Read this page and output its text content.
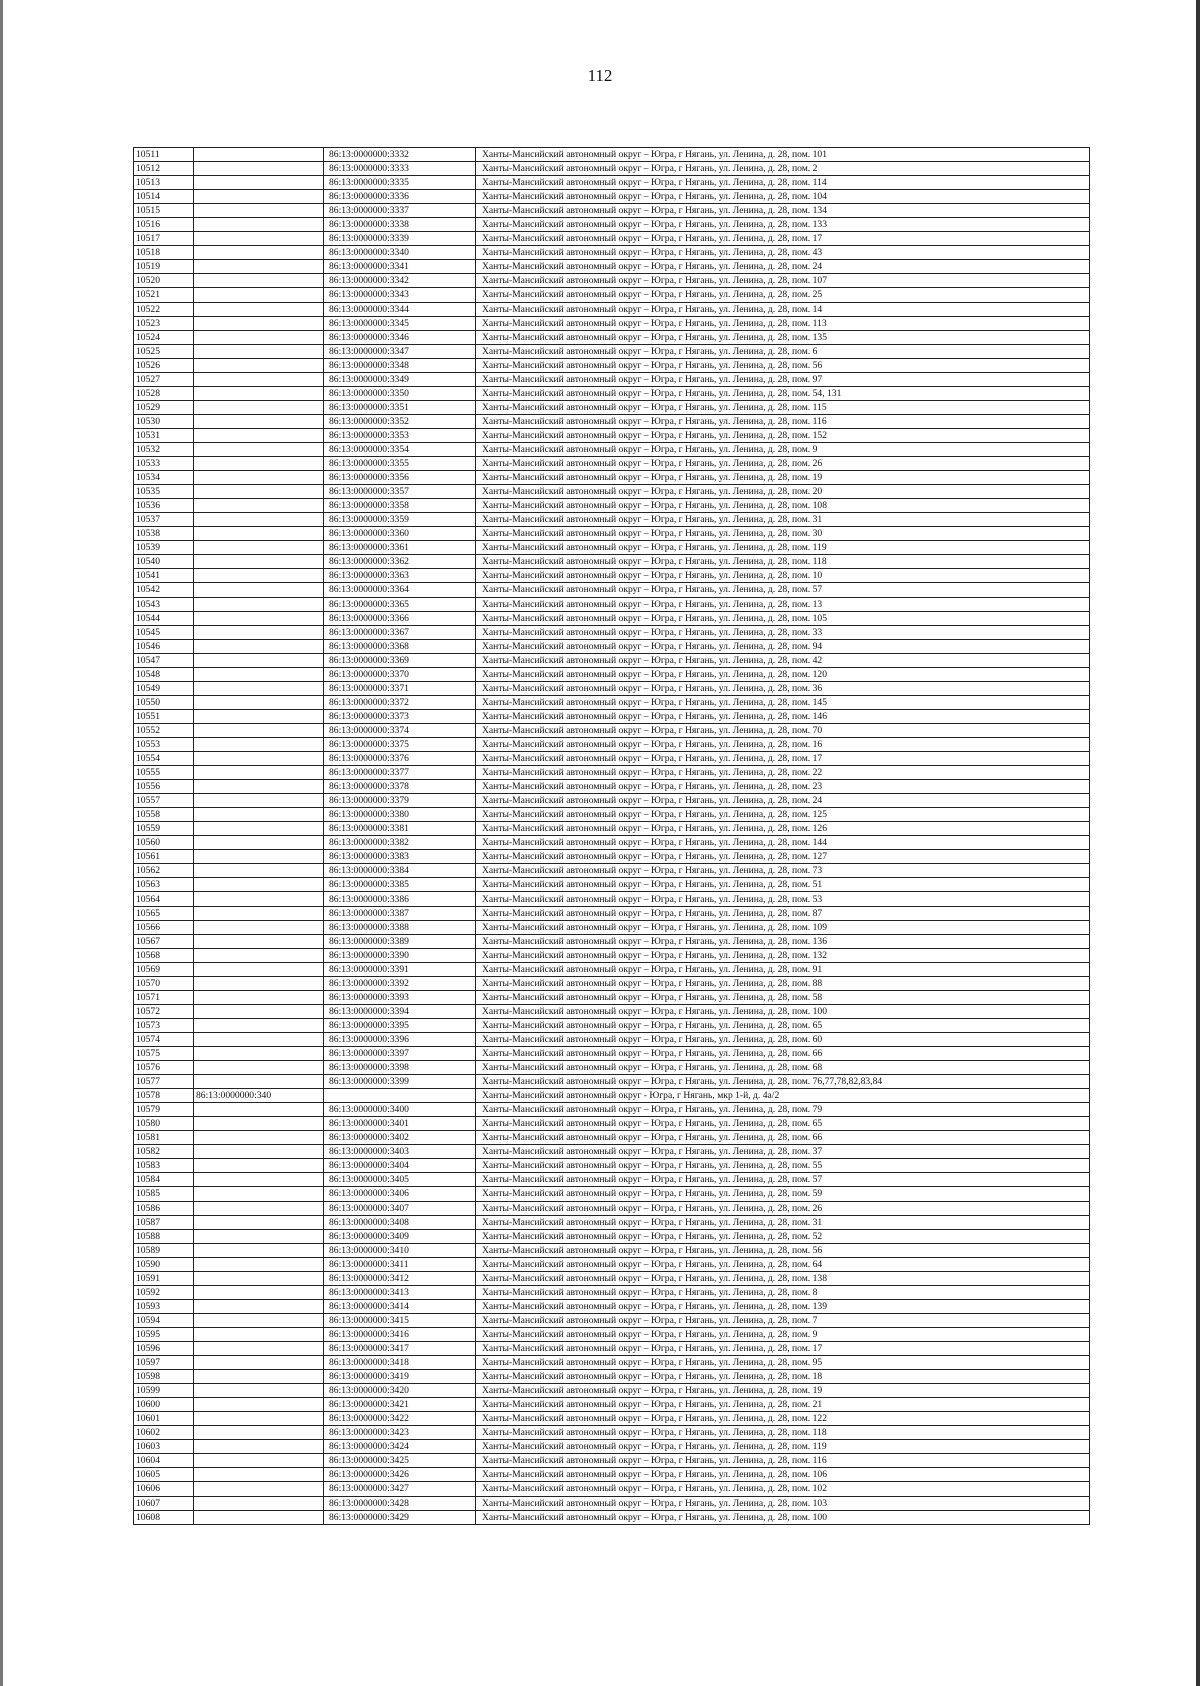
112
10511		86:13:0000000:3332	Ханты-Мансийский автономный округ – Югра, г Нягань, ул. Ленина, д. 28, пом. 101
10512		86:13:0000000:3333	Ханты-Мансийский автономный округ – Югра, г Нягань, ул. Ленина, д. 28, пом. 2
10513		86:13:0000000:3335	Ханты-Мансийский автономный округ – Югра, г Нягань, ул. Ленина, д. 28, пом. 114
10514		86:13:0000000:3336	Ханты-Мансийский автономный округ – Югра, г Нягань, ул. Ленина, д. 28, пом. 104
10515		86:13:0000000:3337	Ханты-Мансийский автономный округ – Югра, г Нягань, ул. Ленина, д. 28, пом. 134
10516		86:13:0000000:3338	Ханты-Мансийский автономный округ – Югра, г Нягань, ул. Ленина, д. 28, пом. 133
10517		86:13:0000000:3339	Ханты-Мансийский автономный округ – Югра, г Нягань, ул. Ленина, д. 28, пом. 17
10518		86:13:0000000:3340	Ханты-Мансийский автономный округ – Югра, г Нягань, ул. Ленина, д. 28, пом. 43
10519		86:13:0000000:3341	Ханты-Мансийский автономный округ – Югра, г Нягань, ул. Ленина, д. 28, пом. 24
10520		86:13:0000000:3342	Ханты-Мансийский автономный округ – Югра, г Нягань, ул. Ленина, д. 28, пом. 107
10521		86:13:0000000:3343	Ханты-Мансийский автономный округ – Югра, г Нягань, ул. Ленина, д. 28, пом. 25
10522		86:13:0000000:3344	Ханты-Мансийский автономный округ – Югра, г Нягань, ул. Ленина, д. 28, пом. 14
10523		86:13:0000000:3345	Ханты-Мансийский автономный округ – Югра, г Нягань, ул. Ленина, д. 28, пом. 113
10524		86:13:0000000:3346	Ханты-Мансийский автономный округ – Югра, г Нягань, ул. Ленина, д. 28, пом. 135
10525		86:13:0000000:3347	Ханты-Мансийский автономный округ – Югра, г Нягань, ул. Ленина, д. 28, пом. 6
10526		86:13:0000000:3348	Ханты-Мансийский автономный округ – Югра, г Нягань, ул. Ленина, д. 28, пом. 56
10527		86:13:0000000:3349	Ханты-Мансийский автономный округ – Югра, г Нягань, ул. Ленина, д. 28, пом. 97
10528		86:13:0000000:3350	Ханты-Мансийский автономный округ – Югра, г Нягань, ул. Ленина, д. 28, пом. 54, 131
10529		86:13:0000000:3351	Ханты-Мансийский автономный округ – Югра, г Нягань, ул. Ленина, д. 28, пом. 115
10530		86:13:0000000:3352	Ханты-Мансийский автономный округ – Югра, г Нягань, ул. Ленина, д. 28, пом. 116
10531		86:13:0000000:3353	Ханты-Мансийский автономный округ – Югра, г Нягань, ул. Ленина, д. 28, пом. 152
10532		86:13:0000000:3354	Ханты-Мансийский автономный округ – Югра, г Нягань, ул. Ленина, д. 28, пом. 9
10533		86:13:0000000:3355	Ханты-Мансийский автономный округ – Югра, г Нягань, ул. Ленина, д. 28, пом. 26
10534		86:13:0000000:3356	Ханты-Мансийский автономный округ – Югра, г Нягань, ул. Ленина, д. 28, пом. 19
10535		86:13:0000000:3357	Ханты-Мансийский автономный округ – Югра, г Нягань, ул. Ленина, д. 28, пом. 20
10536		86:13:0000000:3358	Ханты-Мансийский автономный округ – Югра, г Нягань, ул. Ленина, д. 28, пом. 108
10537		86:13:0000000:3359	Ханты-Мансийский автономный округ – Югра, г Нягань, ул. Ленина, д. 28, пом. 31
10538		86:13:0000000:3360	Ханты-Мансийский автономный округ – Югра, г Нягань, ул. Ленина, д. 28, пом. 30
10539		86:13:0000000:3361	Ханты-Мансийский автономный округ – Югра, г Нягань, ул. Ленина, д. 28, пом. 119
10540		86:13:0000000:3362	Ханты-Мансийский автономный округ – Югра, г Нягань, ул. Ленина, д. 28, пом. 118
10541		86:13:0000000:3363	Ханты-Мансийский автономный округ – Югра, г Нягань, ул. Ленина, д. 28, пом. 10
10542		86:13:0000000:3364	Ханты-Мансийский автономный округ – Югра, г Нягань, ул. Ленина, д. 28, пом. 57
10543		86:13:0000000:3365	Ханты-Мансийский автономный округ – Югра, г Нягань, ул. Ленина, д. 28, пом. 13
10544		86:13:0000000:3366	Ханты-Мансийский автономный округ – Югра, г Нягань, ул. Ленина, д. 28, пом. 105
10545		86:13:0000000:3367	Ханты-Мансийский автономный округ – Югра, г Нягань, ул. Ленина, д. 28, пом. 33
10546		86:13:0000000:3368	Ханты-Мансийский автономный округ – Югра, г Нягань, ул. Ленина, д. 28, пом. 94
10547		86:13:0000000:3369	Ханты-Мансийский автономный округ – Югра, г Нягань, ул. Ленина, д. 28, пом. 42
10548		86:13:0000000:3370	Ханты-Мансийский автономный округ – Югра, г Нягань, ул. Ленина, д. 28, пом. 120
10549		86:13:0000000:3371	Ханты-Мансийский автономный округ – Югра, г Нягань, ул. Ленина, д. 28, пом. 36
10550		86:13:0000000:3372	Ханты-Мансийский автономный округ – Югра, г Нягань, ул. Ленина, д. 28, пом. 145
10551		86:13:0000000:3373	Ханты-Мансийский автономный округ – Югра, г Нягань, ул. Ленина, д. 28, пом. 146
10552		86:13:0000000:3374	Ханты-Мансийский автономный округ – Югра, г Нягань, ул. Ленина, д. 28, пом. 70
10553		86:13:0000000:3375	Ханты-Мансийский автономный округ – Югра, г Нягань, ул. Ленина, д. 28, пом. 16
10554		86:13:0000000:3376	Ханты-Мансийский автономный округ – Югра, г Нягань, ул. Ленина, д. 28, пом. 17
10555		86:13:0000000:3377	Ханты-Мансийский автономный округ – Югра, г Нягань, ул. Ленина, д. 28, пом. 22
10556		86:13:0000000:3378	Ханты-Мансийский автономный округ – Югра, г Нягань, ул. Ленина, д. 28, пом. 23
10557		86:13:0000000:3379	Ханты-Мансийский автономный округ – Югра, г Нягань, ул. Ленина, д. 28, пом. 24
10558		86:13:0000000:3380	Ханты-Мансийский автономный округ – Югра, г Нягань, ул. Ленина, д. 28, пом. 125
10559		86:13:0000000:3381	Ханты-Мансийский автономный округ – Югра, г Нягань, ул. Ленина, д. 28, пом. 126
10560		86:13:0000000:3382	Ханты-Мансийский автономный округ – Югра, г Нягань, ул. Ленина, д. 28, пом. 144
10561		86:13:0000000:3383	Ханты-Мансийский автономный округ – Югра, г Нягань, ул. Ленина, д. 28, пом. 127
10562		86:13:0000000:3384	Ханты-Мансийский автономный округ – Югра, г Нягань, ул. Ленина, д. 28, пом. 73
10563		86:13:0000000:3385	Ханты-Мансийский автономный округ – Югра, г Нягань, ул. Ленина, д. 28, пом. 51
10564		86:13:0000000:3386	Ханты-Мансийский автономный округ – Югра, г Нягань, ул. Ленина, д. 28, пом. 53
10565		86:13:0000000:3387	Ханты-Мансийский автономный округ – Югра, г Нягань, ул. Ленина, д. 28, пом. 87
10566		86:13:0000000:3388	Ханты-Мансийский автономный округ – Югра, г Нягань, ул. Ленина, д. 28, пом. 109
10567		86:13:0000000:3389	Ханты-Мансийский автономный округ – Югра, г Нягань, ул. Ленина, д. 28, пом. 136
10568		86:13:0000000:3390	Ханты-Мансийский автономный округ – Югра, г Нягань, ул. Ленина, д. 28, пом. 132
10569		86:13:0000000:3391	Ханты-Мансийский автономный округ – Югра, г Нягань, ул. Ленина, д. 28, пом. 91
10570		86:13:0000000:3392	Ханты-Мансийский автономный округ – Югра, г Нягань, ул. Ленина, д. 28, пом. 88
10571		86:13:0000000:3393	Ханты-Мансийский автономный округ – Югра, г Нягань, ул. Ленина, д. 28, пом. 58
10572		86:13:0000000:3394	Ханты-Мансийский автономный округ – Югра, г Нягань, ул. Ленина, д. 28, пом. 100
10573		86:13:0000000:3395	Ханты-Мансийский автономный округ – Югра, г Нягань, ул. Ленина, д. 28, пом. 65
10574		86:13:0000000:3396	Ханты-Мансийский автономный округ – Югра, г Нягань, ул. Ленина, д. 28, пом. 60
10575		86:13:0000000:3397	Ханты-Мансийский автономный округ – Югра, г Нягань, ул. Ленина, д. 28, пом. 66
10576		86:13:0000000:3398	Ханты-Мансийский автономный округ – Югра, г Нягань, ул. Ленина, д. 28, пом. 68
10577		86:13:0000000:3399	Ханты-Мансийский автономный округ – Югра, г Нягань, ул. Ленина, д. 28, пом. 76,77,78,82,83,84
10578	86:13:0000000:340		Ханты-Мансийский автономный округ - Югра, г Нягань, мкр 1-й, д. 4а/2
10579		86:13:0000000:3400	Ханты-Мансийский автономный округ – Югра, г Нягань, ул. Ленина, д. 28, пом. 79
10580		86:13:0000000:3401	Ханты-Мансийский автономный округ – Югра, г Нягань, ул. Ленина, д. 28, пом. 65
10581		86:13:0000000:3402	Ханты-Мансийский автономный округ – Югра, г Нягань, ул. Ленина, д. 28, пом. 66
10582		86:13:0000000:3403	Ханты-Мансийский автономный округ – Югра, г Нягань, ул. Ленина, д. 28, пом. 37
10583		86:13:0000000:3404	Ханты-Мансийский автономный округ – Югра, г Нягань, ул. Ленина, д. 28, пом. 55
10584		86:13:0000000:3405	Ханты-Мансийский автономный округ – Югра, г Нягань, ул. Ленина, д. 28, пом. 57
10585		86:13:0000000:3406	Ханты-Мансийский автономный округ – Югра, г Нягань, ул. Ленина, д. 28, пом. 59
10586		86:13:0000000:3407	Ханты-Мансийский автономный округ – Югра, г Нягань, ул. Ленина, д. 28, пом. 26
10587		86:13:0000000:3408	Ханты-Мансийский автономный округ – Югра, г Нягань, ул. Ленина, д. 28, пом. 31
10588		86:13:0000000:3409	Ханты-Мансийский автономный округ – Югра, г Нягань, ул. Ленина, д. 28, пом. 52
10589		86:13:0000000:3410	Ханты-Мансийский автономный округ – Югра, г Нягань, ул. Ленина, д. 28, пом. 56
10590		86:13:0000000:3411	Ханты-Мансийский автономный округ – Югра, г Нягань, ул. Ленина, д. 28, пом. 64
10591		86:13:0000000:3412	Ханты-Мансийский автономный округ – Югра, г Нягань, ул. Ленина, д. 28, пом. 138
10592		86:13:0000000:3413	Ханты-Мансийский автономный округ – Югра, г Нягань, ул. Ленина, д. 28, пом. 8
10593		86:13:0000000:3414	Ханты-Мансийский автономный округ – Югра, г Нягань, ул. Ленина, д. 28, пом. 139
10594		86:13:0000000:3415	Ханты-Мансийский автономный округ – Югра, г Нягань, ул. Ленина, д. 28, пом. 7
10595		86:13:0000000:3416	Ханты-Мансийский автономный округ – Югра, г Нягань, ул. Ленина, д. 28, пом. 9
10596		86:13:0000000:3417	Ханты-Мансийский автономный округ – Югра, г Нягань, ул. Ленина, д. 28, пом. 17
10597		86:13:0000000:3418	Ханты-Мансийский автономный округ – Югра, г Нягань, ул. Ленина, д. 28, пом. 95
10598		86:13:0000000:3419	Ханты-Мансийский автономный округ – Югра, г Нягань, ул. Ленина, д. 28, пом. 18
10599		86:13:0000000:3420	Ханты-Мансийский автономный округ – Югра, г Нягань, ул. Ленина, д. 28, пом. 19
10600		86:13:0000000:3421	Ханты-Мансийский автономный округ – Югра, г Нягань, ул. Ленина, д. 28, пом. 21
10601		86:13:0000000:3422	Ханты-Мансийский автономный округ – Югра, г Нягань, ул. Ленина, д. 28, пом. 122
10602		86:13:0000000:3423	Ханты-Мансийский автономный округ – Югра, г Нягань, ул. Ленина, д. 28, пом. 118
10603		86:13:0000000:3424	Ханты-Мансийский автономный округ – Югра, г Нягань, ул. Ленина, д. 28, пом. 119
10604		86:13:0000000:3425	Ханты-Мансийский автономный округ – Югра, г Нягань, ул. Ленина, д. 28, пом. 116
10605		86:13:0000000:3426	Ханты-Мансийский автономный округ – Югра, г Нягань, ул. Ленина, д. 28, пом. 106
10606		86:13:0000000:3427	Ханты-Мансийский автономный округ – Югра, г Нягань, ул. Ленина, д. 28, пом. 102
10607		86:13:0000000:3428	Ханты-Мансийский автономный округ – Югра, г Нягань, ул. Ленина, д. 28, пом. 103
10608		86:13:0000000:3429	Ханты-Мансийский автономный округ – Югра, г Нягань, ул. Ленина, д. 28, пом. 100
